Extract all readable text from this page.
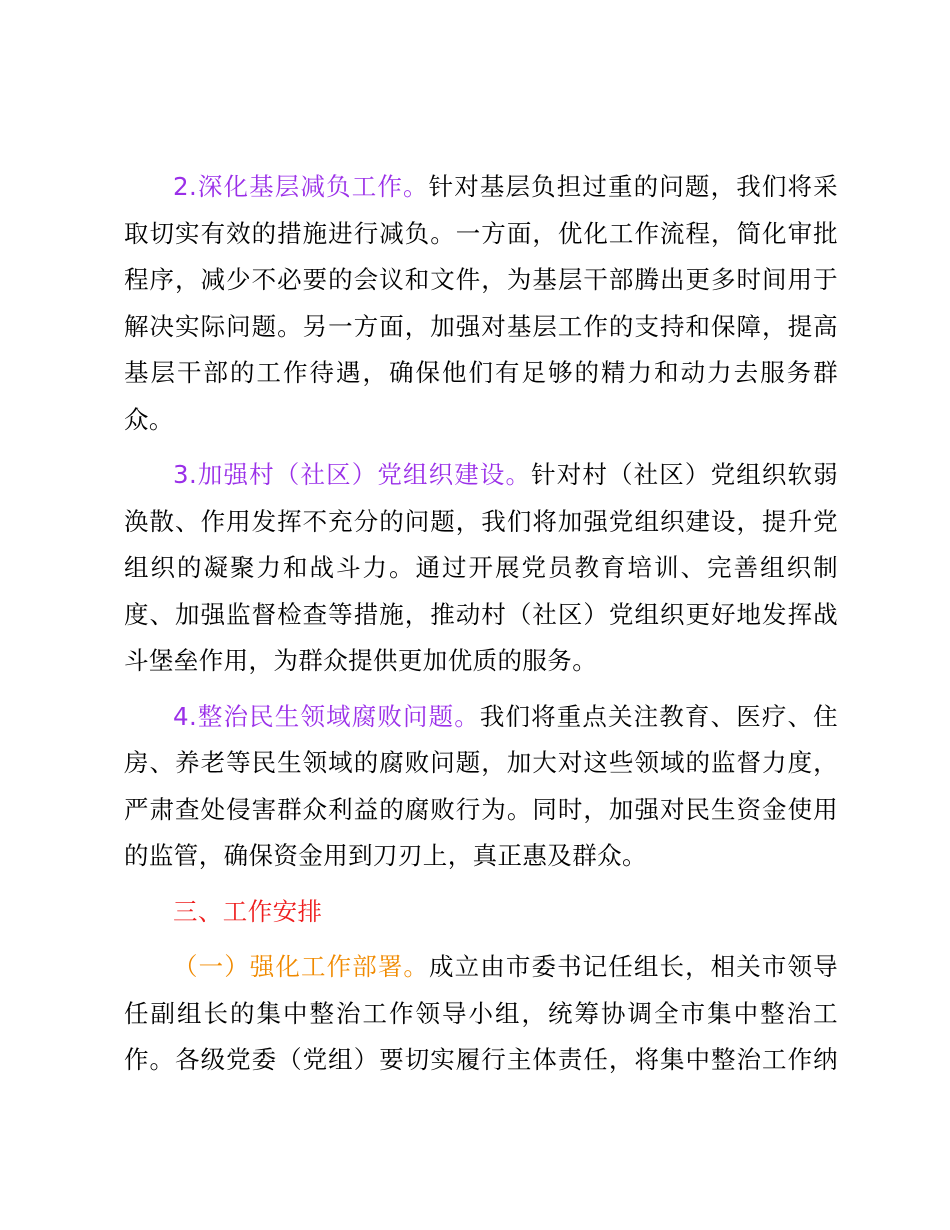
2.深化基层减负工作。针对基层负担过重的问题，我们将采
取切实有效的措施进行减负。一方面，优化工作流程，简化审批
程序，减少不必要的会议和文件，为基层干部腾出更多时间用于
解决实际问题。另一方面，加强对基层工作的支持和保障，提高
基层干部的工作待遇，确保他们有足够的精力和动力去服务群
众。

3.加强村（社区）党组织建设。针对村（社区）党组织软弱
涣散、作用发挥不充分的问题，我们将加强党组织建设，提升党
组织的凝聚力和战斗力。通过开展党员教育培训、完善组织制
度、加强监督检查等措施，推动村（社区）党组织更好地发挥战
斗堡垒作用，为群众提供更加优质的服务。

4.整治民生领域腐败问题。我们将重点关注教育、医疗、住
房、养老等民生领域的腐败问题，加大对这些领域的监督力度，
严肃查处侵害群众利益的腐败行为。同时，加强对民生资金使用
的监管，确保资金用到刀刃上，真正惠及群众。

三、工作安排

（一）强化工作部署。成立由市委书记任组长，相关市领导
任副组长的集中整治工作领导小组，统筹协调全市集中整治工
作。各级党委（党组）要切实履行主体责任，将集中整治工作纳
